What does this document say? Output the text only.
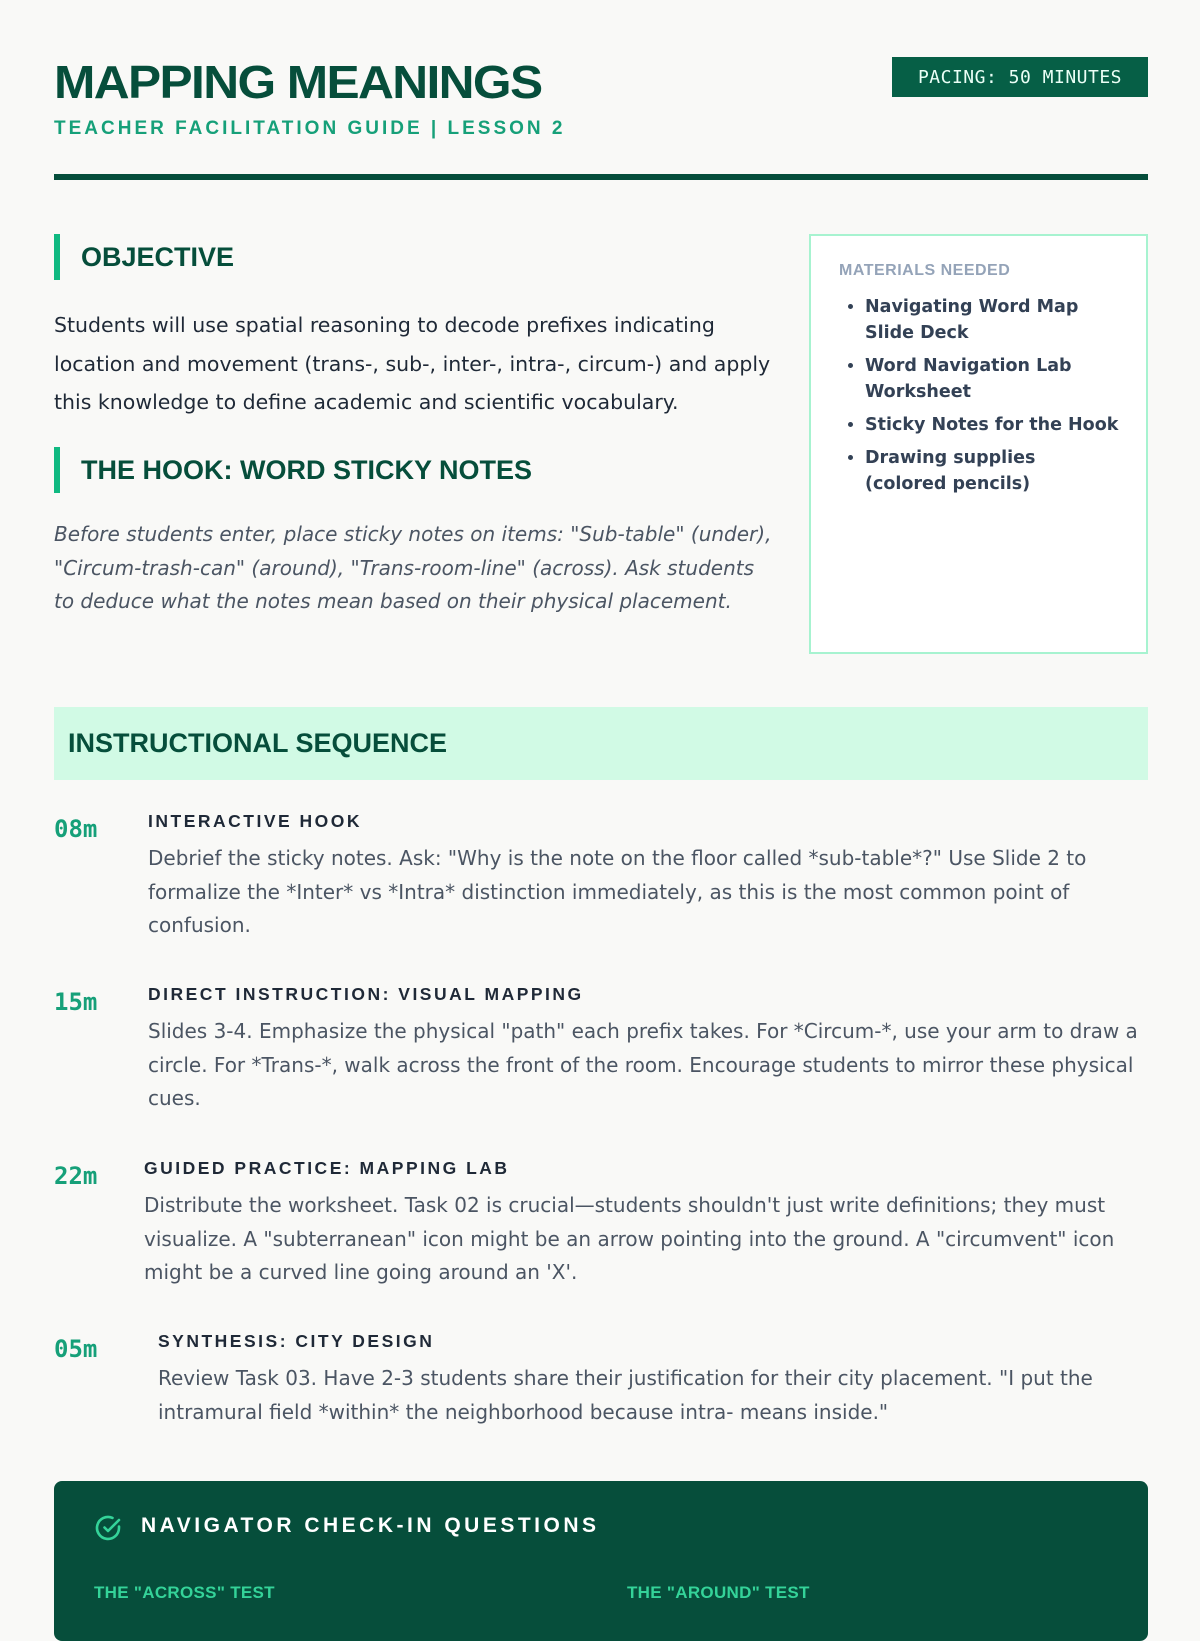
MAPPING MEANINGS
TEACHER FACILITATION GUIDE | LESSON 2
PACING: 50 MINUTES
OBJECTIVE

Students will use spatial reasoning to decode prefixes indicating location and movement (trans-, sub-, inter-, intra-, circum-) and apply this knowledge to define academic and scientific vocabulary.

THE HOOK: WORD STICKY NOTES

Before students enter, place sticky notes on items: "Sub-table" (under), "Circum-trash-can" (around), "Trans-room-line" (across). Ask students to deduce what the notes mean based on their physical placement.

MATERIALS NEEDED
• Navigating Word Map Slide Deck
• Word Navigation Lab Worksheet
• Sticky Notes for the Hook
• Drawing supplies (colored pencils)
INSTRUCTIONAL SEQUENCE
08m	INTERACTIVE HOOK

Debrief the sticky notes. Ask: "Why is the note on the floor called *sub-table*?" Use Slide 2 to formalize the *Inter* vs *Intra* distinction immediately, as this is the most common point of confusion.

15m	DIRECT INSTRUCTION: VISUAL MAPPING

Slides 3-4. Emphasize the physical "path" each prefix takes. For *Circum-*, use your arm to draw a circle. For *Trans-*, walk across the front of the room. Encourage students to mirror these physical cues.

22m	GUIDED PRACTICE: MAPPING LAB

Distribute the worksheet. Task 02 is crucial—students shouldn't just write definitions; they must visualize. A "subterranean" icon might be an arrow pointing into the ground. A "circumvent" icon might be a curved line going around an 'X'.

05m	SYNTHESIS: CITY DESIGN

Review Task 03. Have 2-3 students share their justification for their city placement. "I put the intramural field *within* the neighborhood because intra- means inside."

NAVIGATOR CHECK-IN QUESTIONS
THE "ACROSS" TEST	THE "AROUND" TEST
